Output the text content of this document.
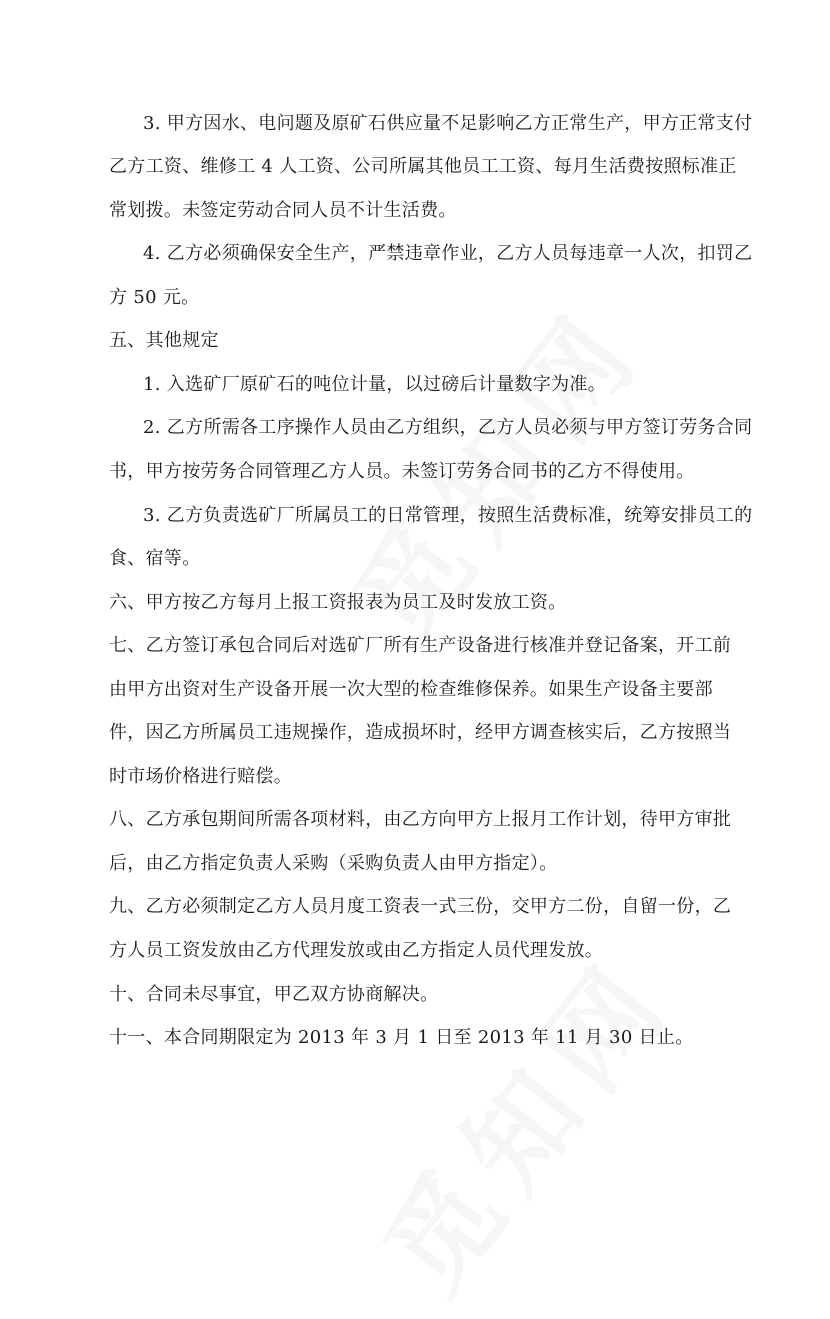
3. 甲方因水、电问题及原矿石供应量不足影响乙方正常生产，甲方正常支付
乙方工资、维修工 4 人工资、公司所属其他员工工资、每月生活费按照标准正
常划拨。未签定劳动合同人员不计生活费。
4. 乙方必须确保安全生产，严禁违章作业，乙方人员每违章一人次，扣罚乙
方 50 元。
五、其他规定
1. 入选矿厂原矿石的吨位计量，以过磅后计量数字为准。
2. 乙方所需各工序操作人员由乙方组织，乙方人员必须与甲方签订劳务合同
书，甲方按劳务合同管理乙方人员。未签订劳务合同书的乙方不得使用。
3. 乙方负责选矿厂所属员工的日常管理，按照生活费标准，统筹安排员工的
食、宿等。
六、甲方按乙方每月上报工资报表为员工及时发放工资。
七、乙方签订承包合同后对选矿厂所有生产设备进行核准并登记备案，开工前
由甲方出资对生产设备开展一次大型的检查维修保养。如果生产设备主要部
件，因乙方所属员工违规操作，造成损坏时，经甲方调查核实后，乙方按照当
时市场价格进行赔偿。
八、乙方承包期间所需各项材料，由乙方向甲方上报月工作计划，待甲方审批
后，由乙方指定负责人采购（采购负责人由甲方指定）。
九、乙方必须制定乙方人员月度工资表一式三份，交甲方二份，自留一份，乙
方人员工资发放由乙方代理发放或由乙方指定人员代理发放。
十、合同未尽事宜，甲乙双方协商解决。
十一、本合同期限定为 2013 年 3 月 1 日至 2013 年 11 月 30 日止。
